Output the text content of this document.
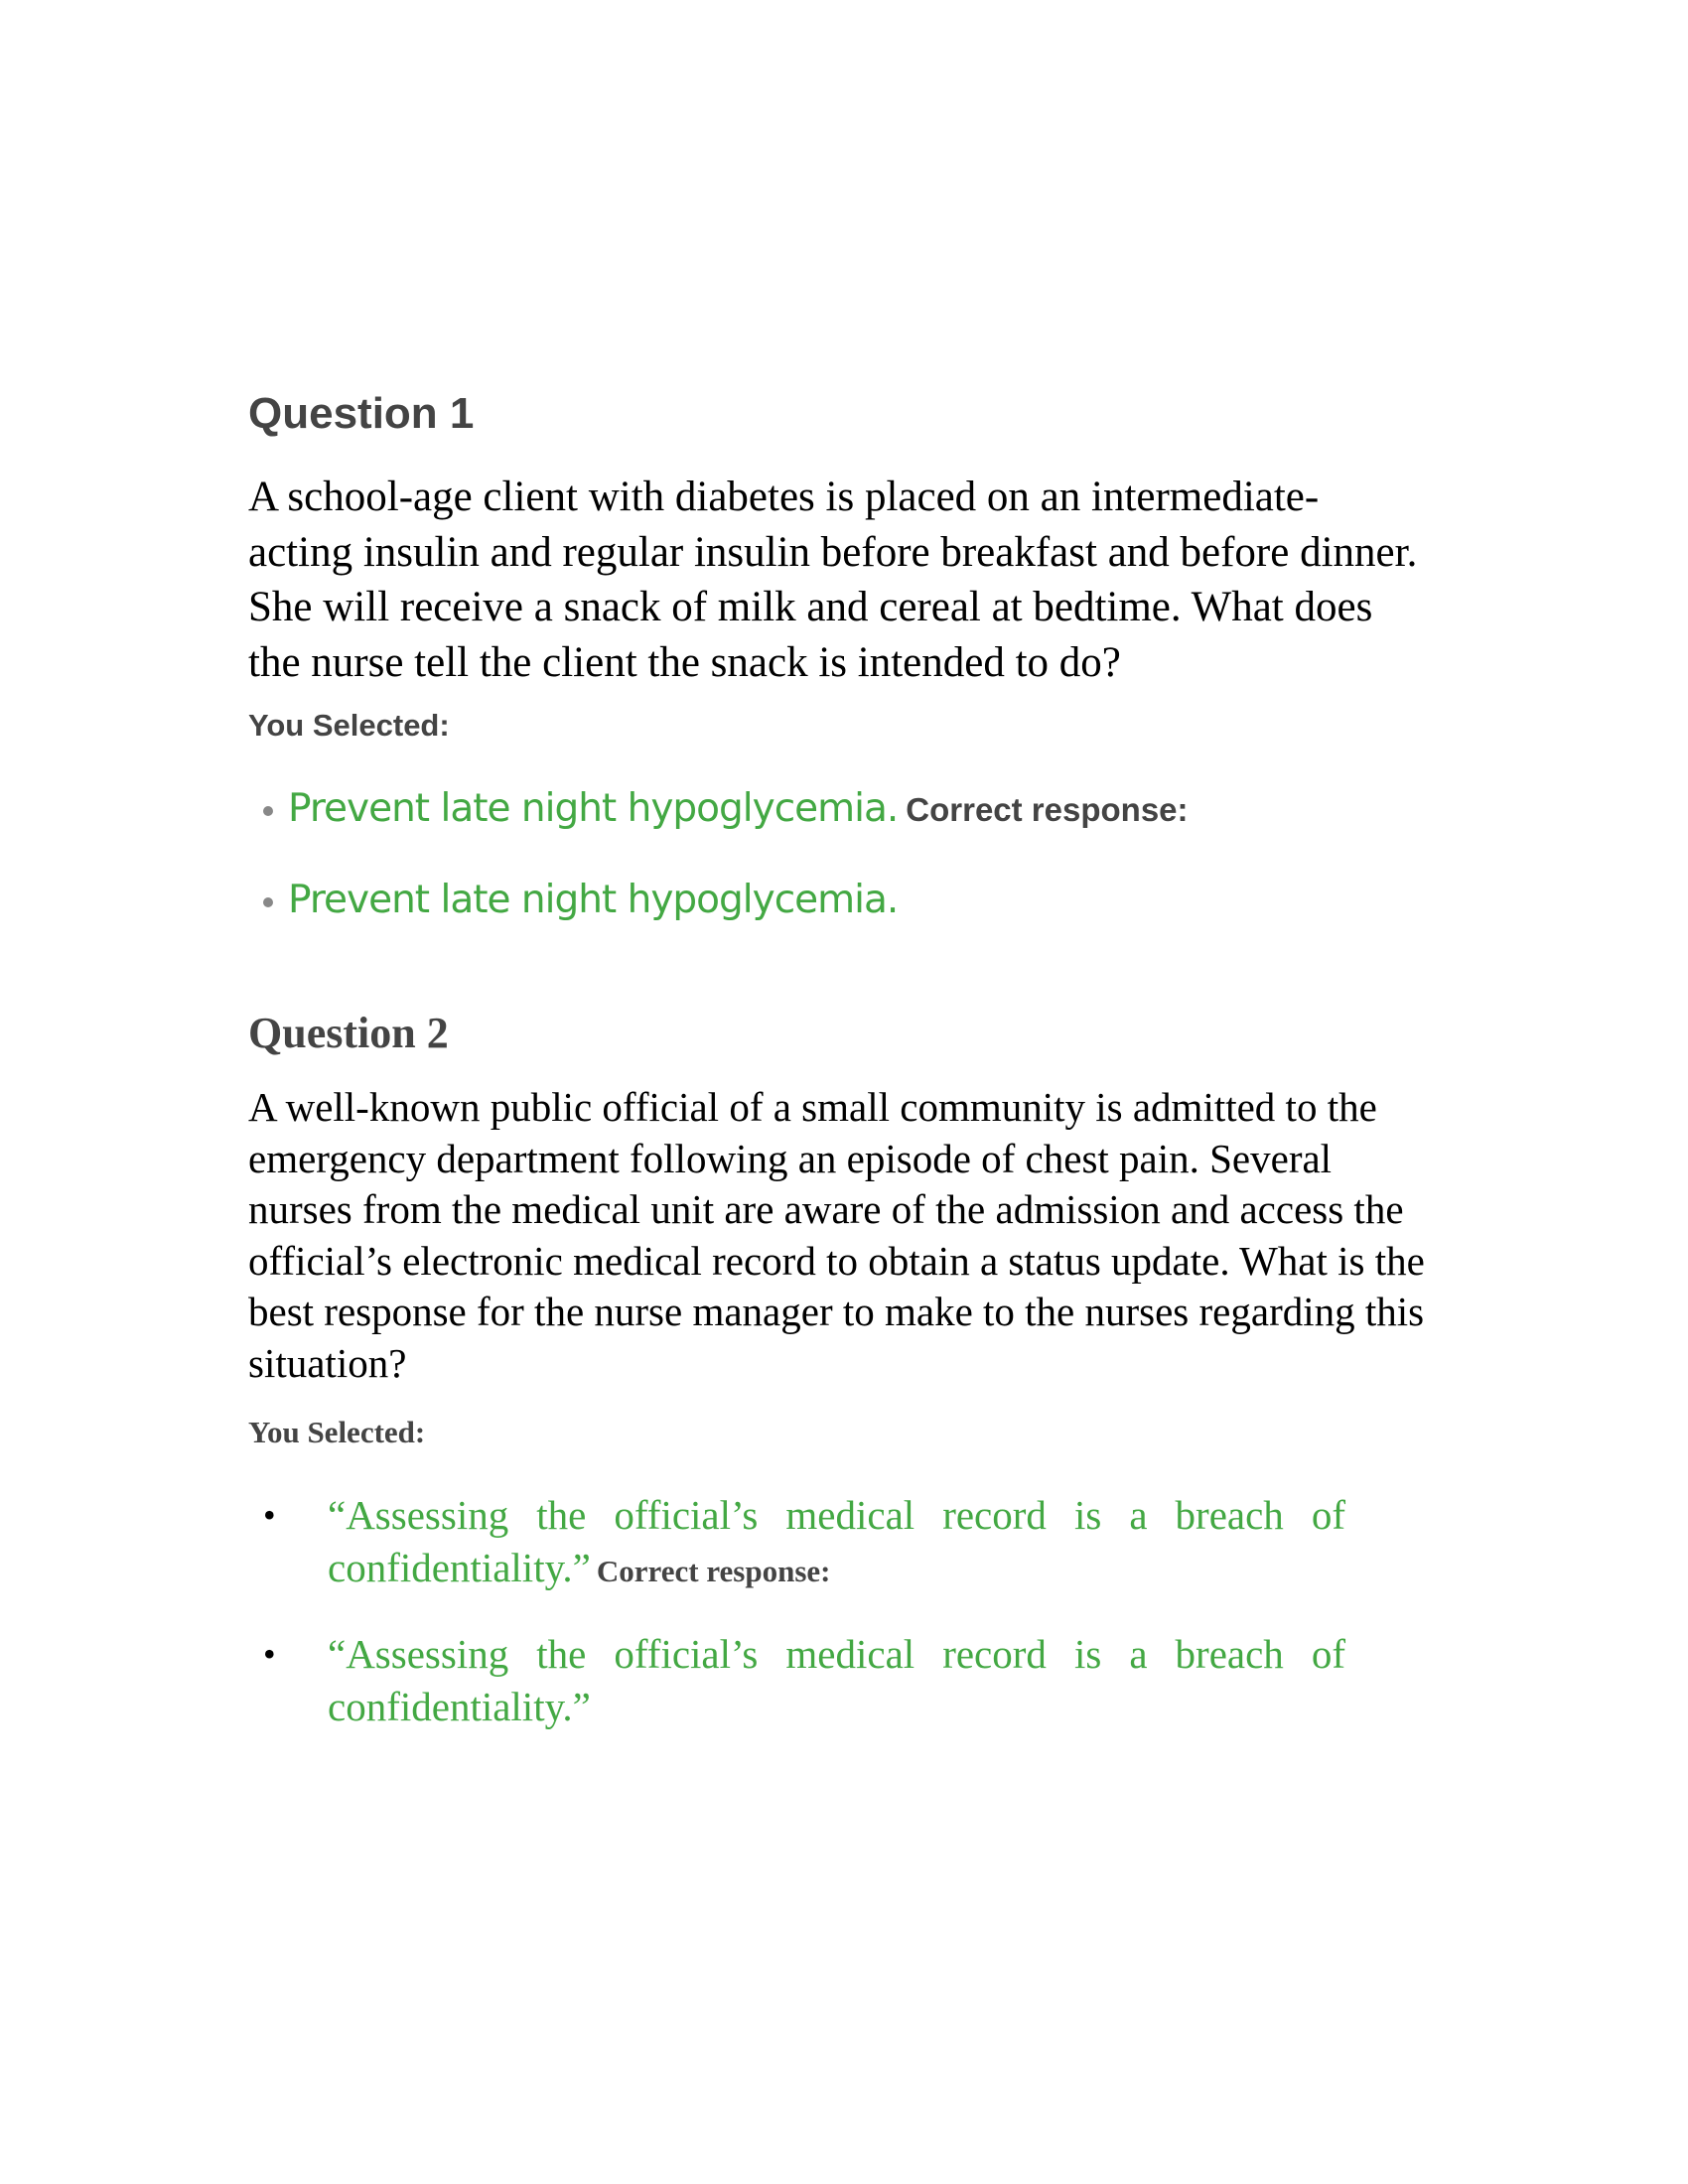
Question 1

A school-age client with diabetes is placed on an intermediate-acting insulin and regular insulin before breakfast and before dinner. She will receive a snack of milk and cereal at bedtime. What does the nurse tell the client the snack is intended to do?

You Selected:
Prevent late night hypoglycemia. Correct response:
Prevent late night hypoglycemia.
Question 2

A well-known public official of a small community is admitted to the emergency department following an episode of chest pain. Several nurses from the medical unit are aware of the admission and access the official’s electronic medical record to obtain a status update. What is the best response for the nurse manager to make to the nurses regarding this situation?

You Selected:
• “Assessing the official’s medical record is a breach of confidentiality.” Correct response:
• “Assessing the official’s medical record is a breach of confidentiality.”
